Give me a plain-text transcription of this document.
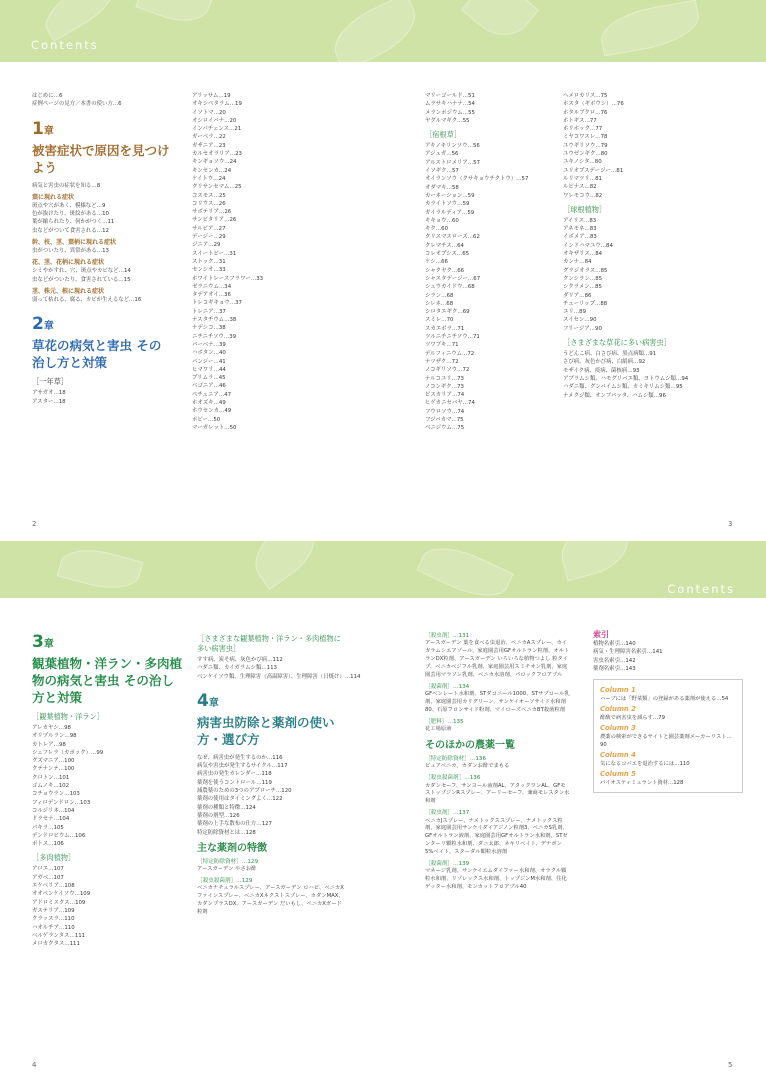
Contents
はじめに…6
症例ページの見方／本書の使い方…6
1章
被害症状で原因を見つけよう
病気と害虫の症状を知る…8
葉に現れる症状
斑点や穴があく、模様など…9
色が抜けたり、斑紋がある…10
葉が縮られたり、何かがつく…11
虫などがついて食害される…12
幹、枝、茎、葉柄に現れる症状
虫がついたり、異常がある…13
花、茎、花柄に現れる症状
シミやかすれ、穴、斑点やカビなど…14
虫などがついたり、食害されている…15
茎、株元、根に現れる症状
弱って枯れる、腐る、カビが生えるなど…16
2章
草花の病気と害虫 その治し方と対策
［一年草］
アサガオ…18
アスター…18
アリッサム…19
オキシペタラム…19
イソトマ…20
オシロイバナ…20
インパチェンス…21
ガーベラ…22
ガザニア…23
カルセオラリア…23
キンギョソウ…24
キンセンカ…24
ケイトウ…24
クリサンセマム…25
コスモス…25
コリウス…26
サボテリア…26
サンビタリア…26
サルビア…27
デージー…29
ジニア…29
スイートピー…31
ストック…31
センシオ…33
ホワイトレースフラワー…33
ゼラニウム…34
タデアオイ…36
トレコギキョウ…37
トレニア…37
ナスタチウム…38
ナデシコ…38
ニチニチソウ…39
バーベナ…39
ハボタン…40
パンジー…41
ヒマワリ…44
プリムラ…45
ベゴニア…46
ペチュニア…47
ホオズキ…49
ホウセンカ…49
ポピー…50
マーガレット…50
マリーゴールド…51
ムラサキハナナ…54
メランポジウム…55
ヤグルマギク…55
［宿根草］
アキノキリンソウ…56
アジュガ…56
アルストロメリア…57
イソギク…57
オイランソウ（クサキョウチクトウ）…57
オダマキ…58
カーネーション…59
カライトソウ…59
ガイラルディア…59
キキョウ…60
キク…60
クリスマスローズ…62
クレマチス…64
コレオプシス…65
ケシ…66
シャクヤク…66
シャスタデージー…67
シュウカイドウ…68
シラン…68
シレネ…68
シロタエギク…69
スミレ…70
スカエボラ…71
ツルニチニチソウ…71
ツワブキ…71
デルフィニウム…72
ナツザク…72
ノコギリソウ…72
ナルコユリ…73
ノコンギク…73
ビスカリア…74
ヒゲカニセバヤ…74
フウロソウ…74
フジバカマ…75
ベニジウム…75
ヘメロカリス…75
ホスタ（ギボウシ）…76
ホタルブクロ…76
ホトギス…77
ホリホック…77
ミヤコワスレ…78
ユウギリソウ…79
ユウゼンギク…80
ユキノシタ…80
ユリオプスデージー…81
ルリマツリ…81
ルピナス…82
ワレモコウ…82
［球根植物］
アイリス…83
アネモネ…83
イボメア…83
インドハマユウ…84
オキザリス…84
カンナ…84
グラジオラス…85
クンシラン…85
シクラメン…85
ダリア…86
チューリップ…88
ユリ…89
スイセン…90
フリージア…90
［さまざまな草花に多い病害虫］
うどんこ病、白さび病、黒点病類…91
さび病、灰色かび病、白絹病…92
モザイク病、疫病、菌核病…93
アブラムシ類、ハモグリバエ類、ヨトウムシ類…94
ハダニ類、グンバイムシ類、カミキリムシ類…95
ナメクジ類、オンブバッタ、ハムシ類…96
2	3
Contents
3章
観葉植物・洋ラン・多肉植物の病気と害虫 その治し方と対策
［観葉植物・洋ラン］
アレカヤシ…98
オリヅルラン…98
カトレア…98
シェフレラ（カポック）…99
グズマニア…100
クテナンテ…100
クロトン…101
ゴムノキ…102
コチョウラン…103
フィロデンドロン…103
コルジリネ…104
ドラセナ…104
パキラ…105
デンドロビウム…106
ポトス…106
［多肉植物］
アロエ…107
アガベ…107
エケベリア…108
オオベンケイソウ…109
アドロミスクス…109
ガステリア…109
クラッスラ…110
ハオルチア…110
ベルゲランタス…111
メロカクタス…111
［さまざまな観葉植物・洋ラン・多肉植物に多い病害虫］
すす病、炭そ病、灰色かび病…112
ハダニ類、カイガラムシ類…113
ベンケイソウ類、生理障害（高温障害）、生理障害（日焼け）…114
4章
病害虫防除と薬剤の使い方・選び方
なぜ、病害虫が発生するのか…116
病気や害虫が発生するサイクル…117
病害虫の発生カレンダー…118
薬剤を使うコントロール…119
減農薬のための3つのアプローチ…120
薬剤の使用はタイミングよく…122
薬剤の種類と特徴…124
薬剤の剤型…126
薬剤の上手な散布の仕方…127
特定防除資材とは…128
主な薬剤の特徴
［特定防除資材］…129
アースガーデン やさお酢
［殺虫殺菌剤］…129
ベニカナチュラルスプレー、アースガーデン ロハピ、ベニカXファインスプレー、ベニカXネクストスプレー、カダンMAX、カダンプラスDX、アースガーデン だいもし、ベニカXガード粒剤
［殺虫剤］…131
アースガーデン 葉を食べる虫退治、ベニカAスプレー、カイガラムシエアゾール、家庭園芸用GFオルトラン粒剤、オルトランDX粒剤、アースガーデン いろいろな植物つよし 粒タイプ、ベニカベジフル乳剤、家庭園芸用スミチオン乳剤、家庭園芸用マラソン乳剤、ベニカ水溶剤、パロックフロアブル
［殺菌剤］…134
GFベンレート水和剤、STダコニール1000、STサプロール乳剤、家庭園芸用カリグリーン、サンケイオーソサイド水和剤80、石原フロンサイド粉剤、マイローズベニカBT殺菌粒剤
［肥料］…135
花工場原液
そのほかの農薬一覧
［特定防除資材］…136
ピュアベニカ、カダンお酢でまもる
［殺虫殺菌剤］…136
カダンセーフ、サンヨール液剤AL、アタックワンAL、GFモストップジンRスプレー、アーリーセーフ、兼商モレスタン水和剤
［殺虫剤］…137
ベニカJスプレー、ナメトックススプレー、ナメトックス粒剤、家庭園芸用サンケイダイアジノン粒剤3、ベニカS乳剤、GFオルトラン液剤、家庭園芸用GFオルトラン水和剤、STゼンターリ顆粒水和剤、ダニ太郎、ネキリベイト、デナポン5%ベイト、スターダル顆粒水溶剤
［殺菌剤］…139
マネージ乳剤、サンケイエムダイファー水和剤、オラクル顆粒水和剤、リゾレックス水和剤、トップジンM水和剤、住化ゲッター水和剤、モンカットフロアブル40
索引
植物名索引…140
病気・生理障害名索引…141
害虫名索引…142
薬剤名索引…143
Column 1
ハーブには「野菜類」の登録がある薬剤が使える…54
Column 2
酢酸で病害虫を減らす…79
Column 3
農薬の検索ができるサイトと園芸薬剤メーカーリスト…90
Column 4
気になるコバエを退治するには…110
Column 5
バイオスティミュラント資材…128
4	5
